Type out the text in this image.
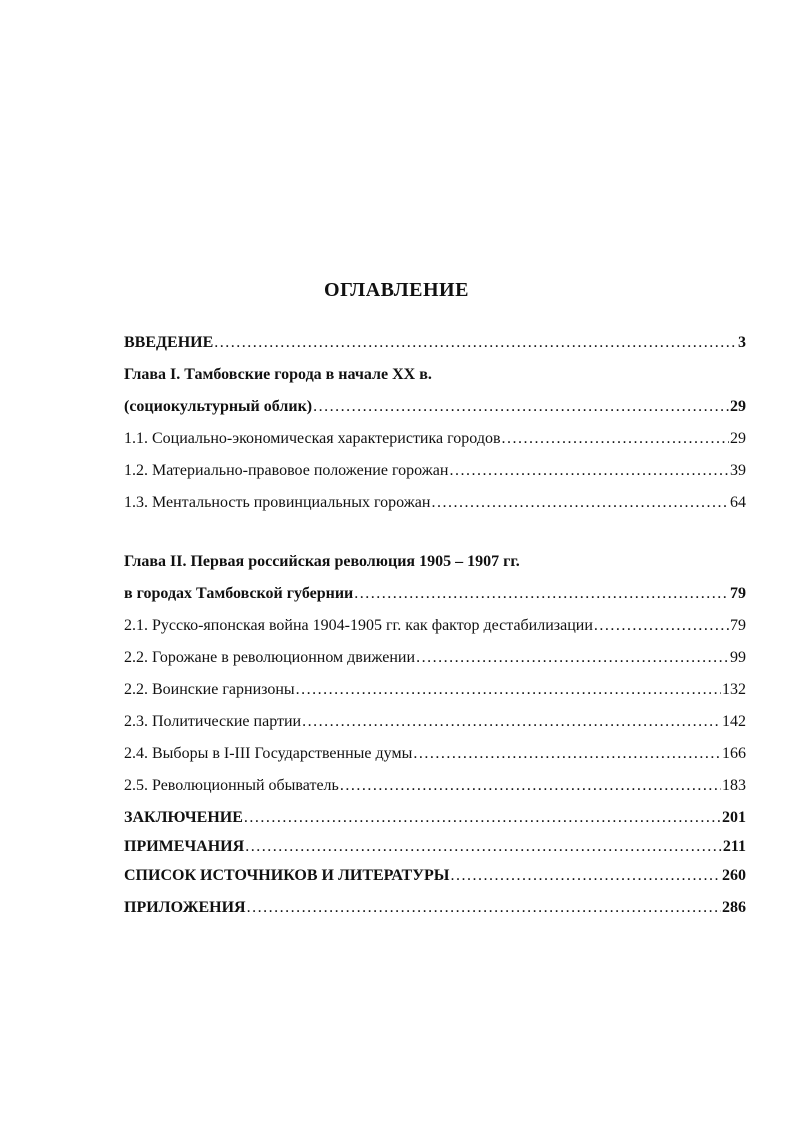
ОГЛАВЛЕНИЕ
ВВЕДЕНИЕ .....	3
Глава I. Тамбовские города в начале XX в.
(социокультурный облик) .....	29
1.1. Социально-экономическая характеристика городов .....	29
1.2. Материально-правовое положение горожан .....	39
1.3. Ментальность провинциальных горожан .....	64
Глава II. Первая российская революция 1905 – 1907 гг.
в городах Тамбовской губернии .....	79
2.1. Русско-японская война 1904-1905 гг. как фактор дестабилизации .....	79
2.2. Горожане в революционном движении .....	99
2.2. Воинские гарнизоны .....	132
2.3. Политические партии .....	142
2.4. Выборы в I-III Государственные думы .....	166
2.5. Революционный обыватель .....	183
ЗАКЛЮЧЕНИЕ .....	201
ПРИМЕЧАНИЯ .....	211
СПИСОК ИСТОЧНИКОВ И ЛИТЕРАТУРЫ .....	260
ПРИЛОЖЕНИЯ .....	286
